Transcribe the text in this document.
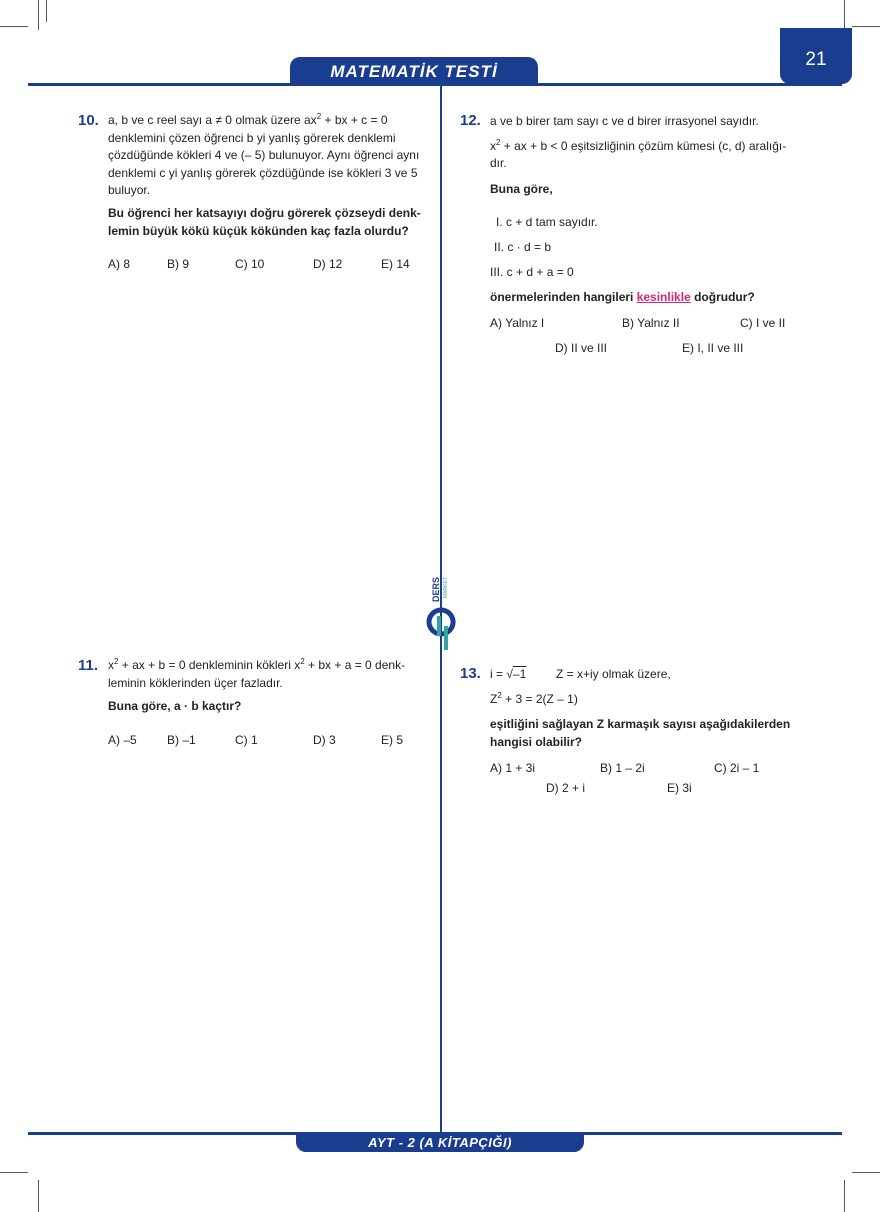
MATEMATİK TESTİ
21
DERS MARKET
10. a, b ve c reel sayı a ≠ 0 olmak üzere $ax^2$ + bx + c = 0
denklemini çözen öğrenci b yi yanlış görerek denklemi
çözdüğünde kökleri 4 ve (– 5) bulunuyor. Aynı öğrenci aynı
denklemi c yi yanlış görerek çözdüğünde ise kökleri 3 ve 5
buluyor.
Bu öğrenci her katsayıyı doğru görerek çözseydi denk-
lemin büyük kökü küçük kökünden kaç fazla olurdu?
A) 8	B) 9	C) 10	D) 12	E) 14
11. $x^2$ + ax + b = 0 denkleminin kökleri $x^2$ + bx + a = 0 denk-
leminin köklerinden üçer fazladır.
Buna göre, a · b kaçtır?
A) –5	B) –1	C) 1	D) 3	E) 5
12. a ve b birer tam sayı c ve d birer irrasyonel sayıdır.
$x^2$ + ax + b < 0 eşitsizliğinin çözüm kümesi (c, d) aralığı-
dır.
Buna göre,
I. c + d tam sayıdır.
II. c · d = b
III. c + d + a = 0
önermelerinden hangileri kesinlikle doğrudur?
A) Yalnız I	B) Yalnız II	C) I ve II
D) II ve III	E) I, II ve III
13. i = √–1 Z = x+iy olmak üzere,
$Z^2 + 3 = 2(Z - 1)$
eşitliğini sağlayan Z karmaşık sayısı aşağıdakilerden
hangisi olabilir?
A) 1 + 3i	B) 1 – 2i	C) 2i – 1
D) 2 + i	E) 3i
AYT - 2 (A KİTAPÇIĞI)
